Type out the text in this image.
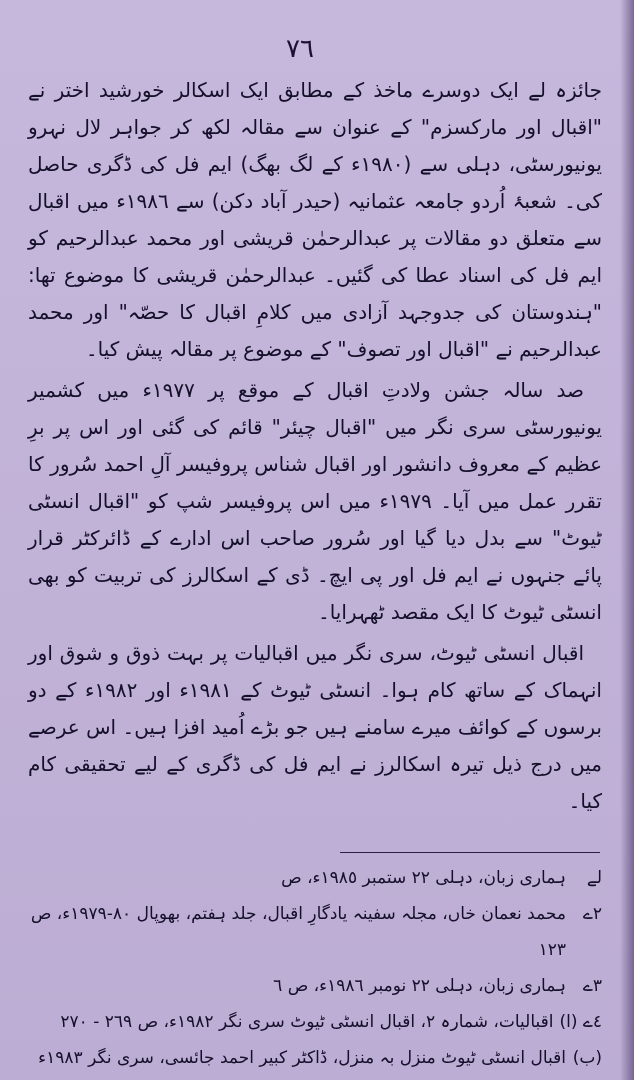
٧٦

جائزہ لے ایک دوسرے ماخذ کے مطابق ایک اسکالر خورشید اختر نے "اقبال اور مارکسزم" کے عنوان سے مقالہ لکھ کر جواہر لال نہرو یونیورسٹی، دہلی سے (١٩٨٠ء کے لگ بھگ) ایم فل کی ڈگری حاصل کی۔ شعبۂ اُردو جامعہ عثمانیہ (حیدر آباد دکن) سے ١٩٨٦ء میں اقبال سے متعلق دو مقالات پر عبدالرحمٰن قریشی اور محمد عبدالرحیم کو ایم فل کی اسناد عطا کی گئیں۔ عبدالرحمٰن قریشی کا موضوع تھا: "ہندوستان کی جدوجہد آزادی میں کلامِ اقبال کا حصّہ" اور محمد عبدالرحیم نے "اقبال اور تصوف" کے موضوع پر مقالہ پیش کیا۔

صد سالہ جشن ولادتِ اقبال کے موقع پر ١٩٧٧ء میں کشمیر یونیورسٹی سری نگر میں "اقبال چیئر" قائم کی گئی اور اس پر برِ عظیم کے معروف دانشور اور اقبال شناس پروفیسر آلِ احمد سُرور کا تقرر عمل میں آیا۔ ١٩٧٩ء میں اس پروفیسر شپ کو "اقبال انسٹی ٹیوٹ" سے بدل دیا گیا اور سُرور صاحب اس ادارے کے ڈائرکٹر قرار پائے جنہوں نے ایم فل اور پی ایچ۔ ڈی کے اسکالرز کی تربیت کو بھی انسٹی ٹیوٹ کا ایک مقصد ٹھہرایا۔

اقبال انسٹی ٹیوٹ، سری نگر میں اقبالیات پر بہت ذوق و شوق اور انہماک کے ساتھ کام ہوا۔ انسٹی ٹیوٹ کے ١٩٨١ء اور ١٩٨٢ء کے دو برسوں کے کوائف میرے سامنے ہیں جو بڑے اُمید افزا ہیں۔ اس عرصے میں درج ذیل تیرہ اسکالرز نے ایم فل کی ڈگری کے لیے تحقیقی کام کیا۔

لے
ہماری زبان، دہلی ٢٢ ستمبر ١٩٨٥ء، ص
٢ے
محمد نعمان خاں، مجلہ سفینہ یادگارِ اقبال، جلد ہفتم، بھوپال ٨٠-١٩٧٩ء، ص ١٢٣
٣ے
ہماری زبان، دہلی ٢٢ نومبر ١٩٨٦ء، ص ٦
٤ے (ا)
اقبالیات، شمارہ ٢، اقبال انسٹی ٹیوٹ سری نگر ١٩٨٢ء، ص ٢٦٩ - ٢٧٠
(ب)
اقبال انسٹی ٹیوٹ منزل بہ منزل، ڈاکٹر کبیر احمد جائسی، سری نگر ١٩٨٣ء
